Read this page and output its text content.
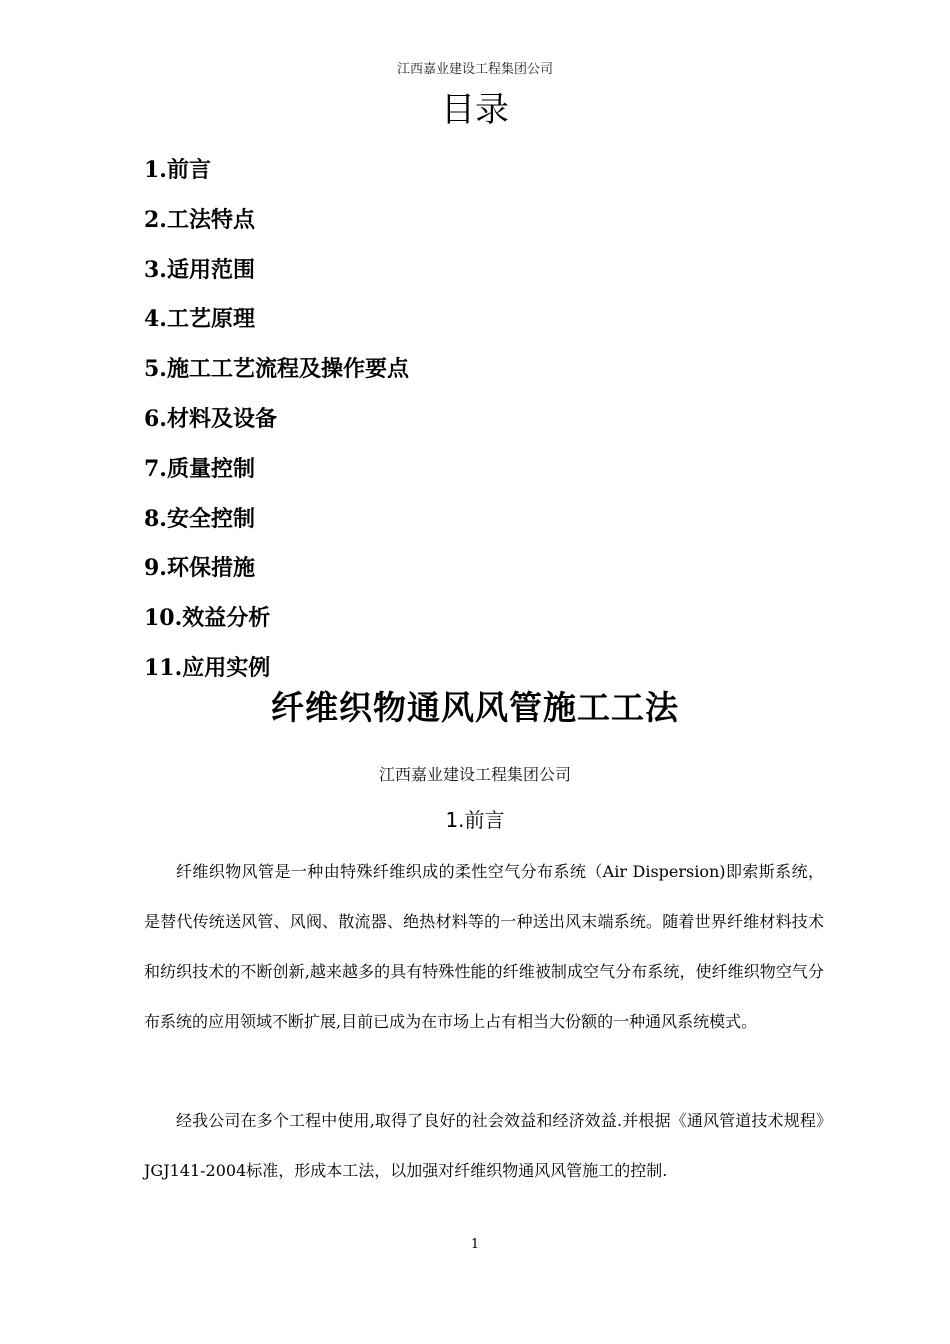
江西嘉业建设工程集团公司
目录
1.前言
2.工法特点
3.适用范围
4.工艺原理
5.施工工艺流程及操作要点
6.材料及设备
7.质量控制
8.安全控制
9.环保措施
10.效益分析
11.应用实例
纤维织物通风风管施工工法
江西嘉业建设工程集团公司
1.前言

纤维织物风管是一种由特殊纤维织成的柔性空气分布系统（Air Dispersion)即索斯系统，是替代传统送风管、风阀、散流器、绝热材料等的一种送出风末端系统。随着世界纤维材料技术和纺织技术的不断创新,越来越多的具有特殊性能的纤维被制成空气分布系统，使纤维织物空气分布系统的应用领域不断扩展,目前已成为在市场上占有相当大份额的一种通风系统模式。

经我公司在多个工程中使用,取得了良好的社会效益和经济效益.并根据《通风管道技术规程》JGJ141-2004标准，形成本工法，以加强对纤维织物通风风管施工的控制.

1
